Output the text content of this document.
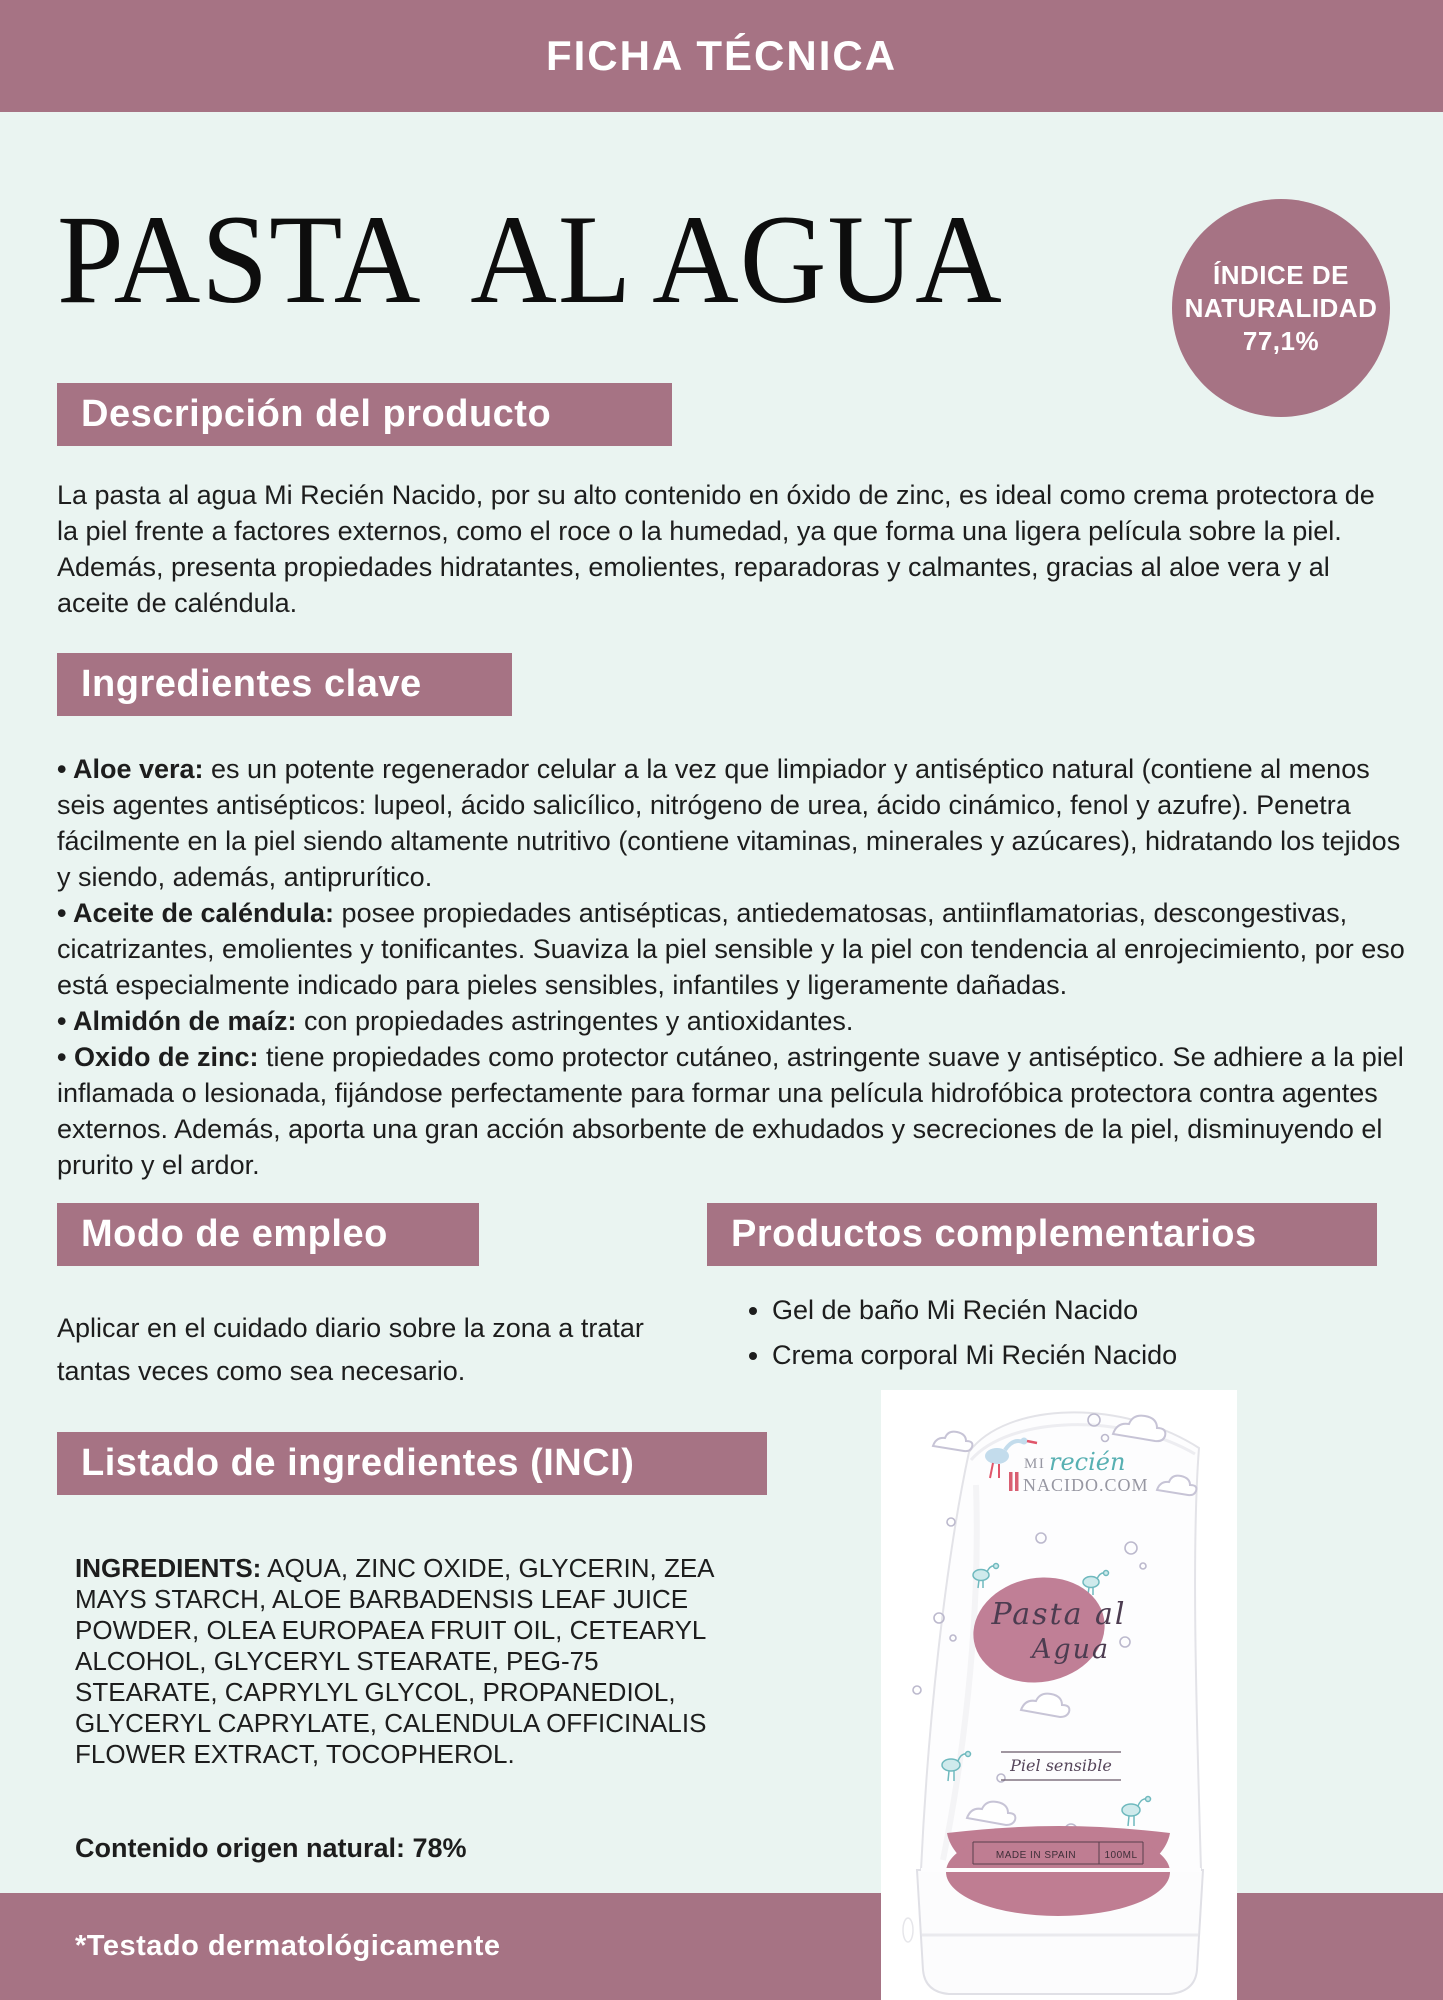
FICHA TÉCNICA
PASTA  AL AGUA	ÍNDICE DE
NATURALIDAD
77,1%
Descripción del producto
La pasta al agua Mi Recién Nacido, por su alto contenido en óxido de zinc, es ideal como crema protectora de la piel frente a factores externos, como el roce o la humedad, ya que forma una ligera película sobre la piel. Además, presenta propiedades hidratantes, emolientes, reparadoras y calmantes, gracias al aloe vera y al aceite de caléndula.
Ingredientes clave
• Aloe vera: es un potente regenerador celular a la vez que limpiador y antiséptico natural (contiene al menos seis agentes antisépticos: lupeol, ácido salicílico, nitrógeno de urea, ácido cinámico, fenol y azufre). Penetra fácilmente en la piel siendo altamente nutritivo (contiene vitaminas, minerales y azúcares), hidratando los tejidos y siendo, además, antiprurítico.
• Aceite de caléndula: posee propiedades antisépticas, antiedematosas, antiinflamatorias, descongestivas, cicatrizantes, emolientes y tonificantes. Suaviza la piel sensible y la piel con tendencia al enrojecimiento, por eso está especialmente indicado para pieles sensibles, infantiles y ligeramente dañadas.
• Almidón de maíz: con propiedades astringentes y antioxidantes.
• Oxido de zinc: tiene propiedades como protector cutáneo, astringente suave y antiséptico. Se adhiere a la piel inflamada o lesionada, fijándose perfectamente para formar una película hidrofóbica protectora contra agentes externos. Además, aporta una gran acción absorbente de exhudados y secreciones de la piel, disminuyendo el prurito y el ardor.
Modo de empleo	Productos complementarios
Aplicar en el cuidado diario sobre la zona a tratar tantas veces como sea necesario.
• Gel de baño Mi Recién Nacido
• Crema corporal Mi Recién Nacido
Listado de ingredientes (INCI)
INGREDIENTS: AQUA, ZINC OXIDE, GLYCERIN, ZEA MAYS STARCH, ALOE BARBADENSIS LEAF JUICE POWDER, OLEA EUROPAEA FRUIT OIL, CETEARYL ALCOHOL, GLYCERYL STEARATE, PEG-75 STEARATE, CAPRYLYL GLYCOL, PROPANEDIOL, GLYCERYL CAPRYLATE, CALENDULA OFFICINALIS FLOWER EXTRACT, TOCOPHEROL.
Contenido origen natural: 78%
*Testado dermatológicamente
MI recién
NACIDO.COM
Pasta al
Agua
Piel sensible
MADE IN SPAIN	100ML
